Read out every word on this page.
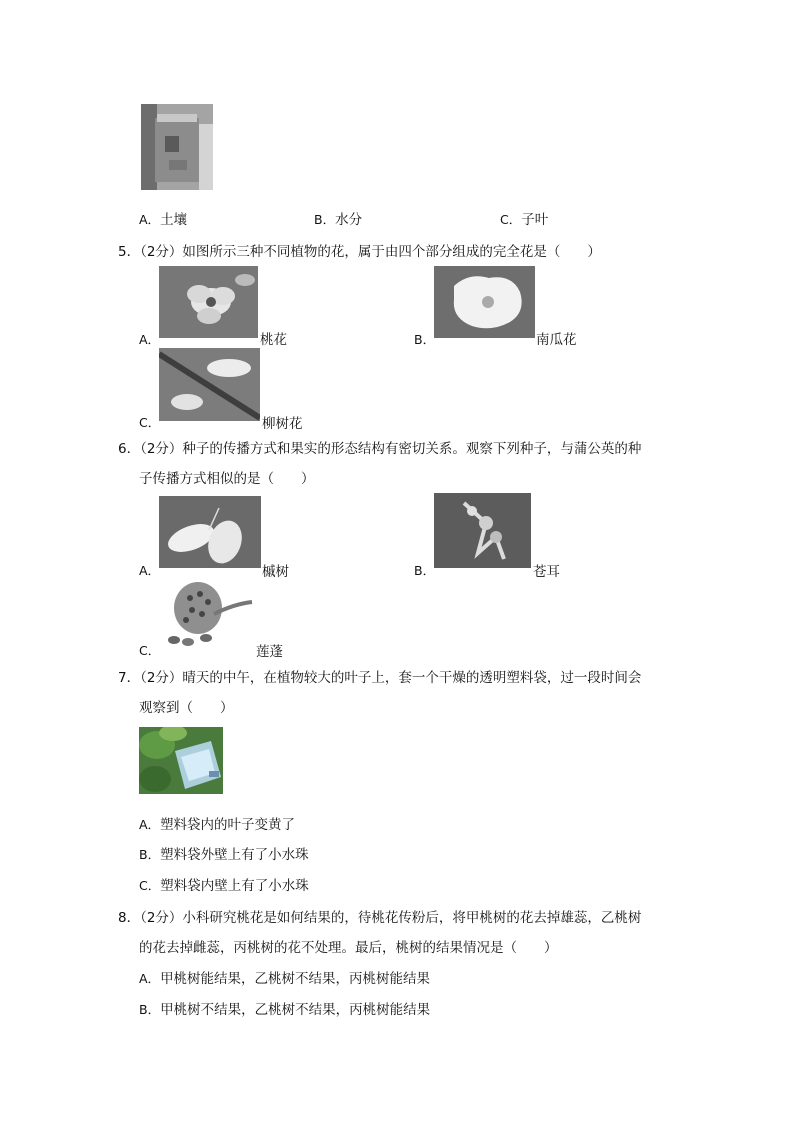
A．土壤	B．水分	C．子叶
5．（2分）如图所示三种不同植物的花，属于由四个部分组成的完全花是（　　）
A．	桃花	B．	南瓜花
C．	柳树花
6．（2分）种子的传播方式和果实的形态结构有密切关系。观察下列种子，与蒲公英的种
子传播方式相似的是（　　）
A．	槭树	B．	苍耳
C．	莲蓬
7．（2分）晴天的中午，在植物较大的叶子上，套一个干燥的透明塑料袋，过一段时间会
观察到（　　）
A．塑料袋内的叶子变黄了
B．塑料袋外壁上有了小水珠
C．塑料袋内壁上有了小水珠
8．（2分）小科研究桃花是如何结果的，待桃花传粉后，将甲桃树的花去掉雄蕊，乙桃树
的花去掉雌蕊，丙桃树的花不处理。最后，桃树的结果情况是（　　）
A．甲桃树能结果，乙桃树不结果，丙桃树能结果
B．甲桃树不结果，乙桃树不结果，丙桃树能结果
